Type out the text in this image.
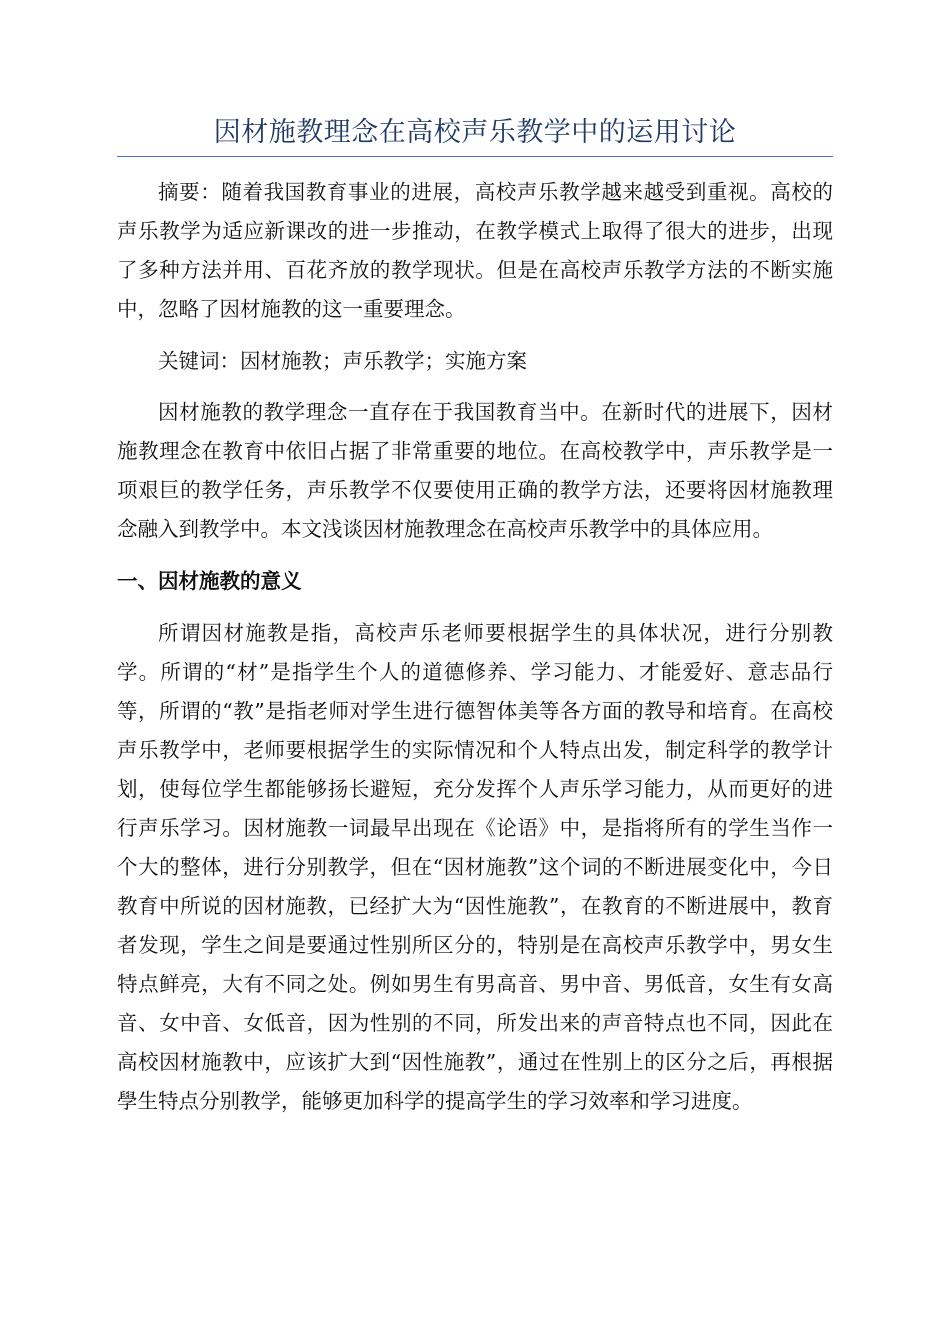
因材施教理念在高校声乐教学中的运用讨论

摘要：随着我国教育事业的进展，高校声乐教学越来越受到重视。高校的声乐教学为适应新课改的进一步推动，在教学模式上取得了很大的进步，出现了多种方法并用、百花齐放的教学现状。但是在高校声乐教学方法的不断实施中，忽略了因材施教的这一重要理念。

关键词：因材施教；声乐教学；实施方案

因材施教的教学理念一直存在于我国教育当中。在新时代的进展下，因材施教理念在教育中依旧占据了非常重要的地位。在高校教学中，声乐教学是一项艰巨的教学任务，声乐教学不仅要使用正确的教学方法，还要将因材施教理念融入到教学中。本文浅谈因材施教理念在高校声乐教学中的具体应用。

一、因材施教的意义

所谓因材施教是指，高校声乐老师要根据学生的具体状况，进行分别教学。所谓的“材”是指学生个人的道德修养、学习能力、才能爱好、意志品行等，所谓的“教”是指老师对学生进行德智体美等各方面的教导和培育。在高校声乐教学中，老师要根据学生的实际情况和个人特点出发，制定科学的教学计划，使每位学生都能够扬长避短，充分发挥个人声乐学习能力，从而更好的进行声乐学习。因材施教一词最早出现在《论语》中，是指将所有的学生当作一个大的整体，进行分别教学，但在“因材施教”这个词的不断进展变化中，今日教育中所说的因材施教，已经扩大为“因性施教”，在教育的不断进展中，教育者发现，学生之间是要通过性别所区分的，特别是在高校声乐教学中，男女生特点鲜亮，大有不同之处。例如男生有男高音、男中音、男低音，女生有女高音、女中音、女低音，因为性别的不同，所发出来的声音特点也不同，因此在高校因材施教中，应该扩大到“因性施教”，通过在性别上的区分之后，再根据學生特点分别教学，能够更加科学的提高学生的学习效率和学习进度。
